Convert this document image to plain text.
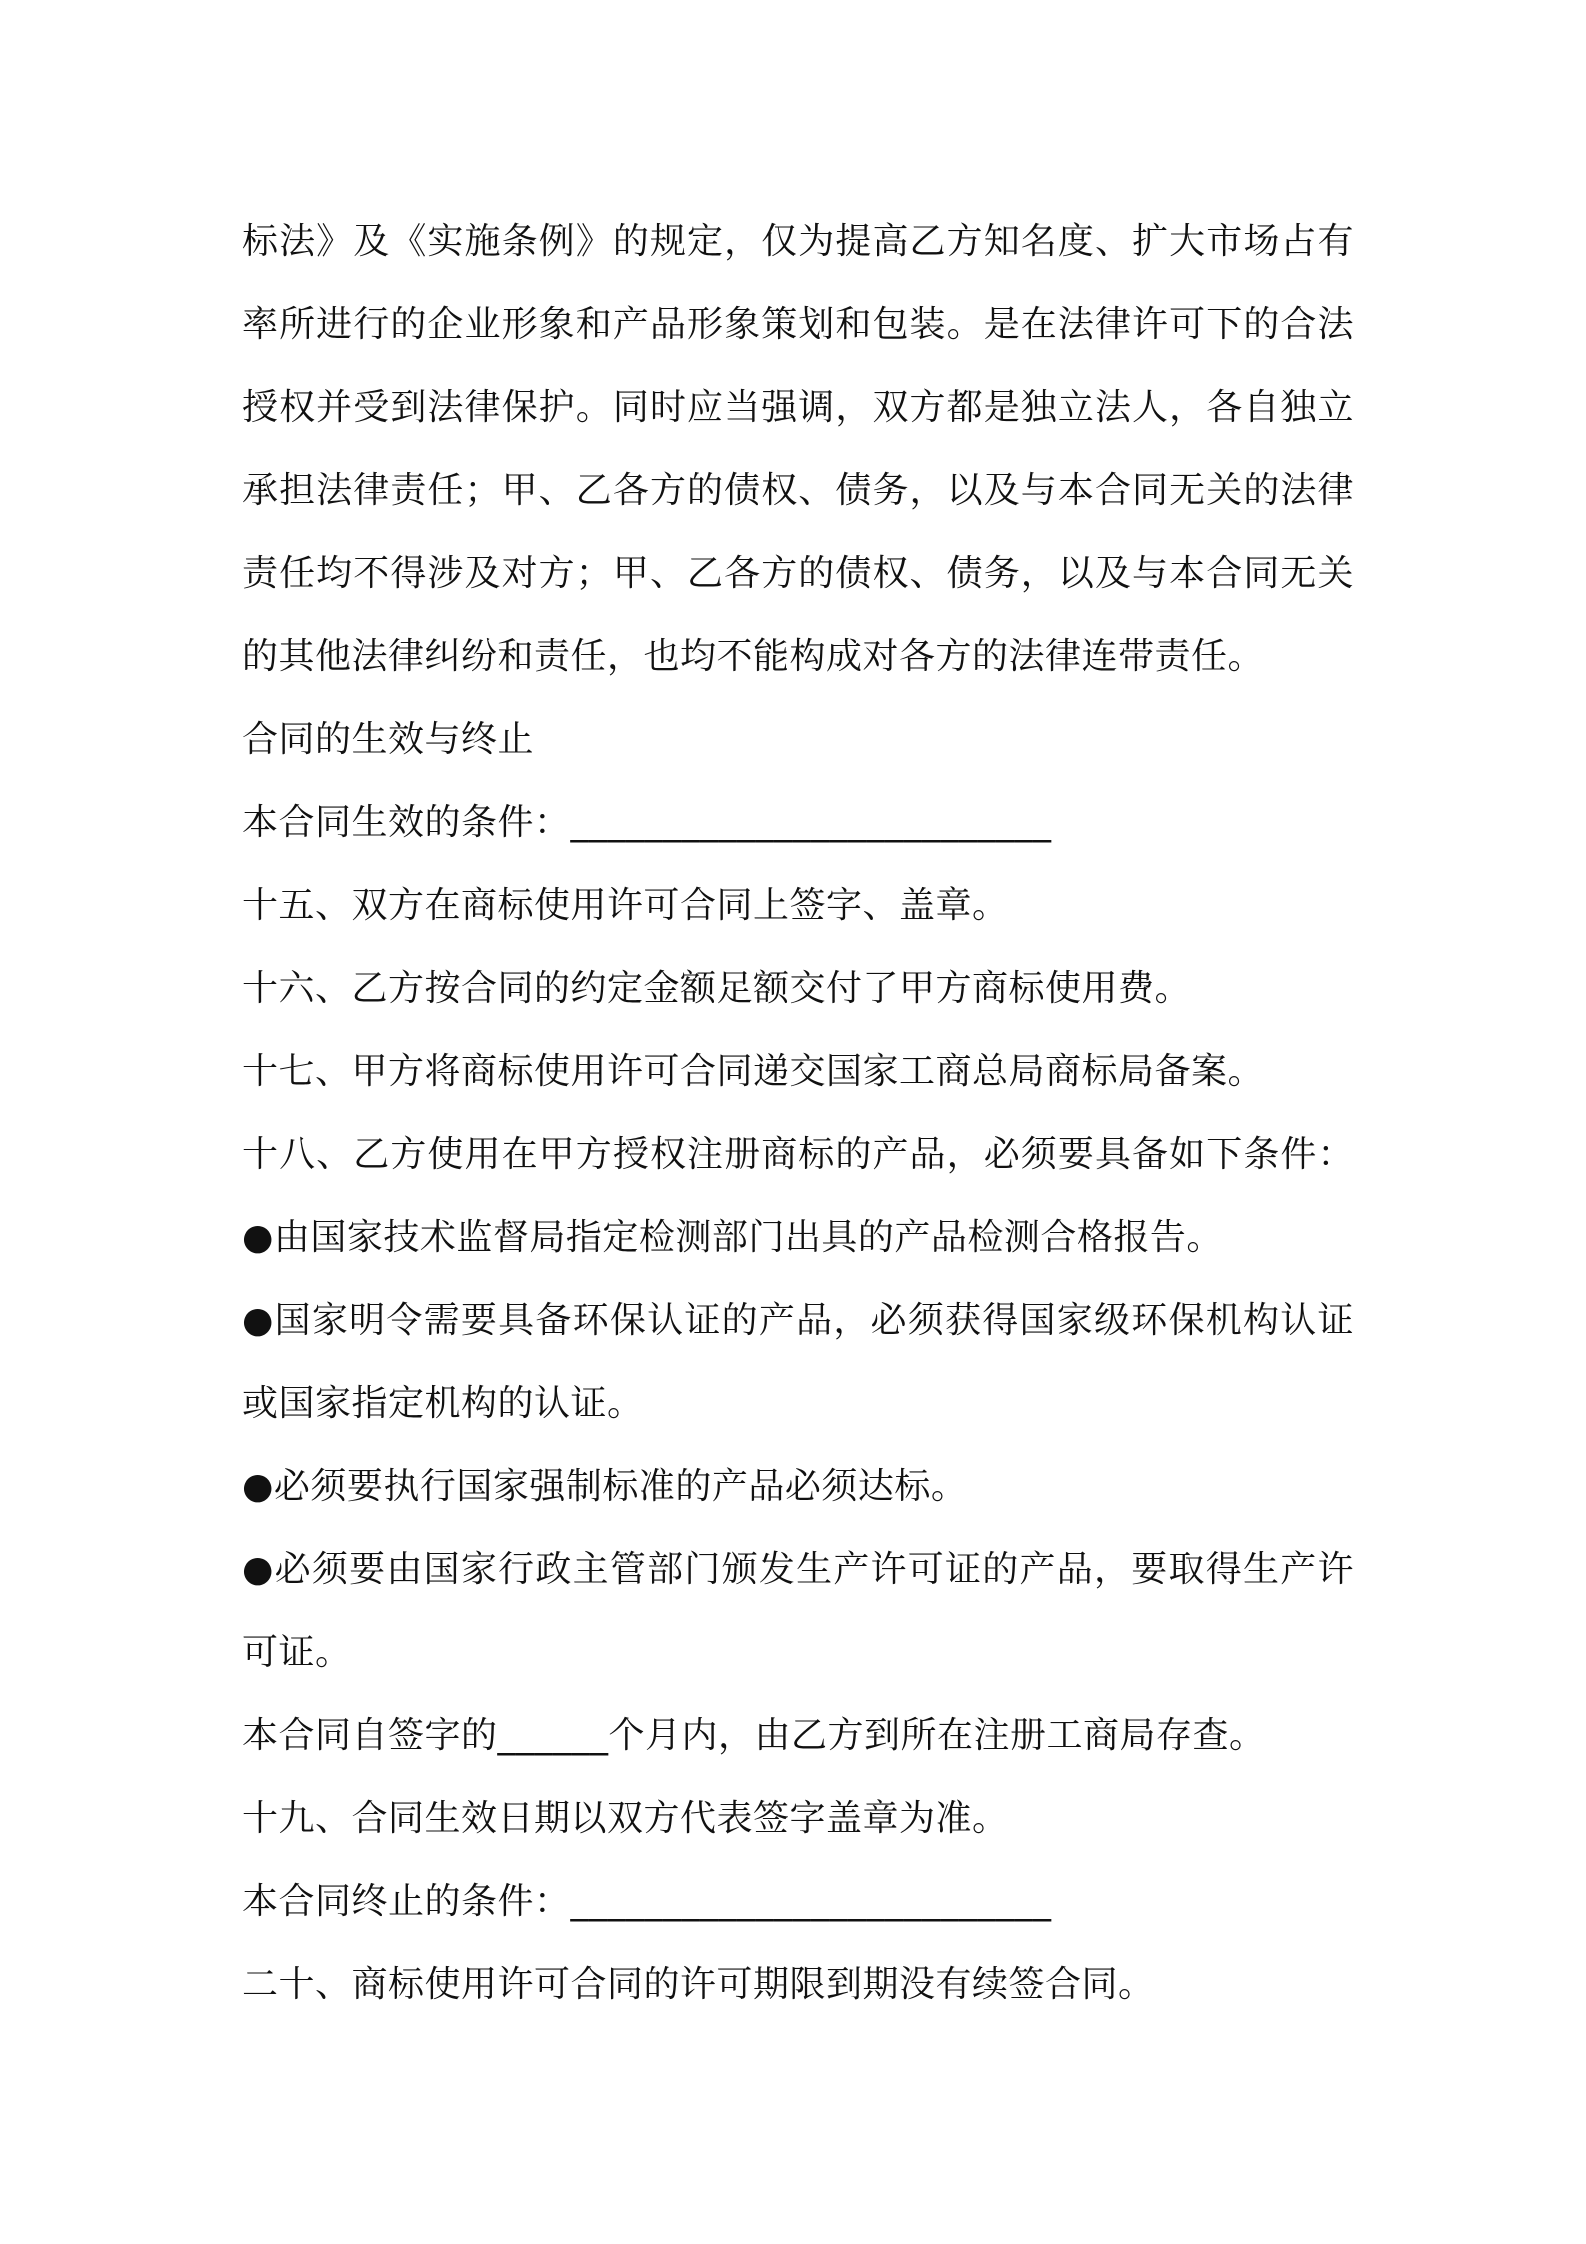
标法》及《实施条例》的规定，仅为提高乙方知名度、扩大市场占有
率所进行的企业形象和产品形象策划和包装。是在法律许可下的合法
授权并受到法律保护。同时应当强调，双方都是独立法人，各自独立
承担法律责任；甲、乙各方的债权、债务，以及与本合同无关的法律
责任均不得涉及对方；甲、乙各方的债权、债务，以及与本合同无关
的其他法律纠纷和责任，也均不能构成对各方的法律连带责任。
合同的生效与终止
本合同生效的条件：__________________________
十五、双方在商标使用许可合同上签字、盖章。
十六、乙方按合同的约定金额足额交付了甲方商标使用费。
十七、甲方将商标使用许可合同递交国家工商总局商标局备案。
十八、乙方使用在甲方授权注册商标的产品，必须要具备如下条件：
●由国家技术监督局指定检测部门出具的产品检测合格报告。
●国家明令需要具备环保认证的产品，必须获得国家级环保机构认证
或国家指定机构的认证。
●必须要执行国家强制标准的产品必须达标。
●必须要由国家行政主管部门颁发生产许可证的产品，要取得生产许
可证。
本合同自签字的______个月内，由乙方到所在注册工商局存查。
十九、合同生效日期以双方代表签字盖章为准。
本合同终止的条件：__________________________
二十、商标使用许可合同的许可期限到期没有续签合同。
